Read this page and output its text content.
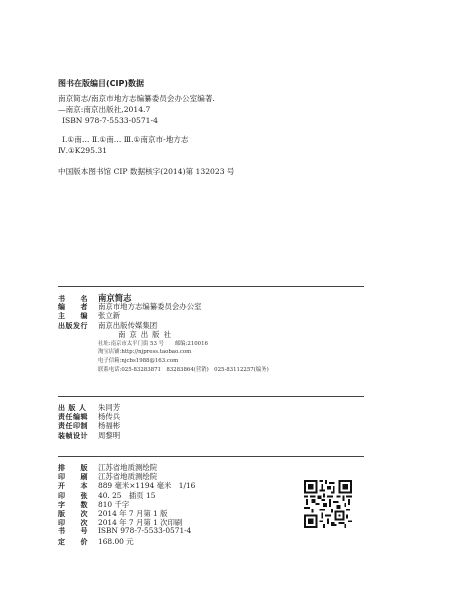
图书在版编目(CIP)数据
南京简志/南京市地方志编纂委员会办公室编著.
—南京:南京出版社,2014.7
ISBN 978-7-5533-0571-4
Ⅰ.①南… Ⅱ.①南… Ⅲ.①南京市-地方志
Ⅳ.①K295.31
中国版本图书馆 CIP 数据核字(2014)第 132023 号
书　　名	南京简志
编　　者	南京市地方志编纂委员会办公室
主　　编	张立新
出版发行	南京出版传媒集团
南京出版社
社址:南京市太平门街 53 号　　邮编:210016
淘宝店铺:http://njpress.taobao.com
电子信箱:njcbs1988@163.com
联系电话:025-83283871　83283864(营销)　025-83112257(编务)
出 版 人	朱同芳
责任编辑	杨传兵
责任印制	杨福彬
装帧设计	周黎明
排　　版	江苏省地质测绘院
印　　刷	江苏省地质测绘院
开　　本	889 毫米×1194 毫米　1/16
印　　张	40. 25　插页 15
字　　数	810 千字
版　　次	2014 年 7 月第 1 版
印　　次	2014 年 7 月第 1 次印刷
书　　号	ISBN 978-7-5533-0571-4
定　　价	168.00 元
